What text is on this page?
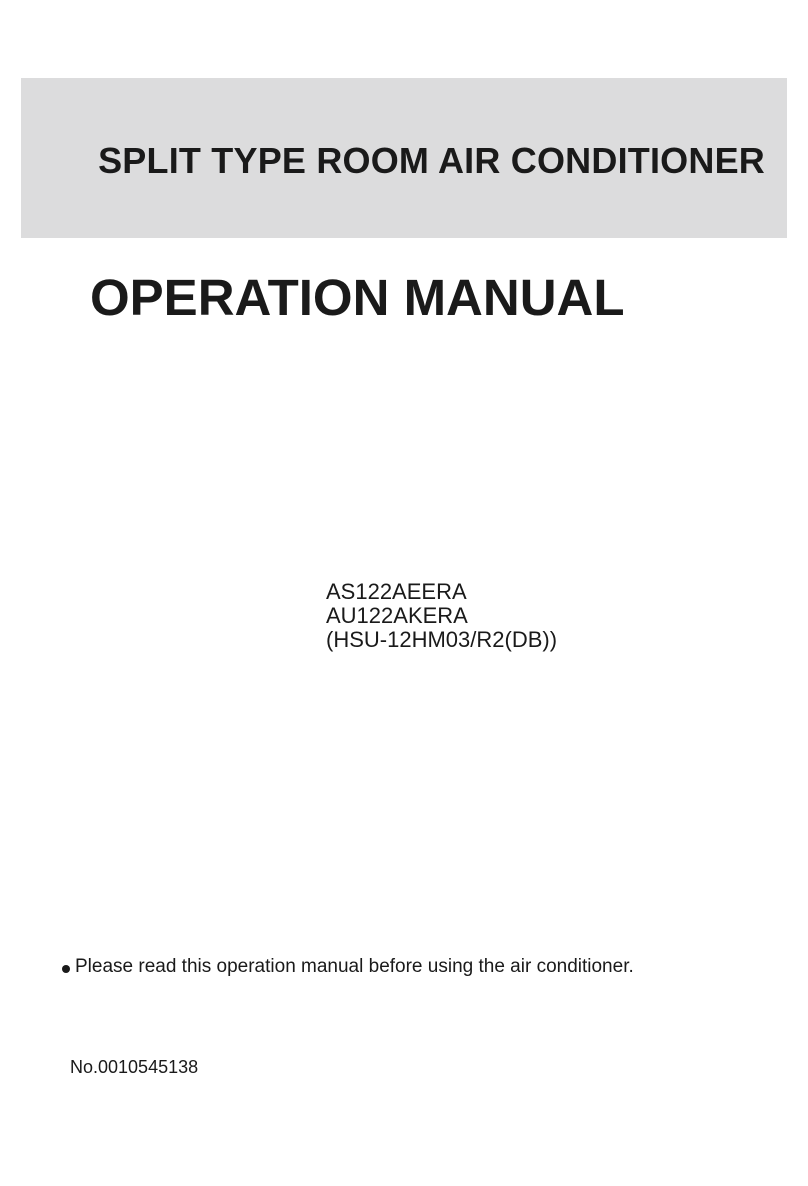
SPLIT TYPE ROOM AIR CONDITIONER
OPERATION MANUAL
AS122AEERA
AU122AKERA
(HSU-12HM03/R2(DB))
Please read this operation manual before using the air conditioner.
No.0010545138
